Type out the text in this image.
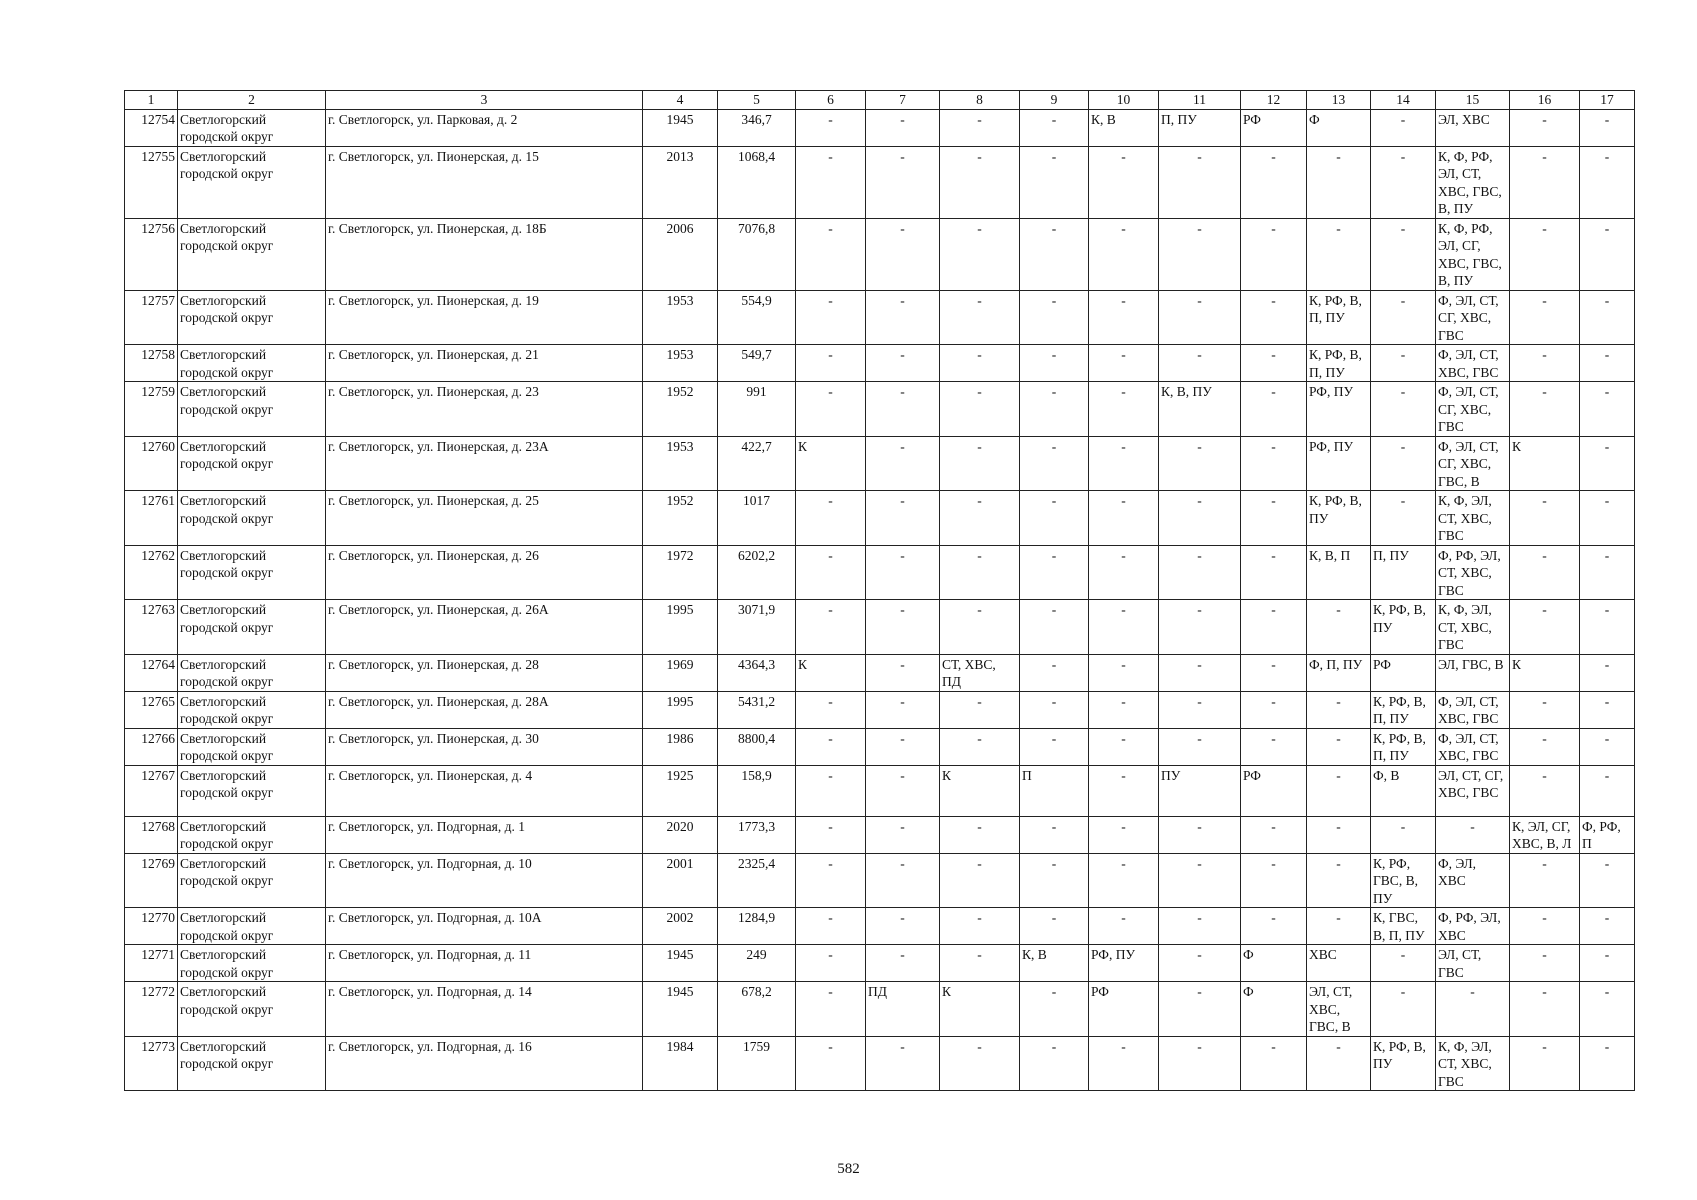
1	2	3	4	5	6	7	8	9	10	11	12	13	14	15	16	17
12754	Светлогорский городской округ	г. Светлогорск, ул. Парковая, д. 2	1945	346,7	-	-	-	-	К, В	П, ПУ	РФ	Ф	-	ЭЛ, ХВС	-	-
12755	Светлогорский городской округ	г. Светлогорск, ул. Пионерская, д. 15	2013	1068,4	-	-	-	-	-	-	-	-	-	К, Ф, РФ, ЭЛ, СТ, ХВС, ГВС, В, ПУ	-	-
12756	Светлогорский городской округ	г. Светлогорск, ул. Пионерская, д. 18Б	2006	7076,8	-	-	-	-	-	-	-	-	-	К, Ф, РФ, ЭЛ, СГ, ХВС, ГВС, В, ПУ	-	-
12757	Светлогорский городской округ	г. Светлогорск, ул. Пионерская, д. 19	1953	554,9	-	-	-	-	-	-	-	К, РФ, В, П, ПУ	-	Ф, ЭЛ, СТ, СГ, ХВС, ГВС	-	-
12758	Светлогорский городской округ	г. Светлогорск, ул. Пионерская, д. 21	1953	549,7	-	-	-	-	-	-	-	К, РФ, В, П, ПУ	-	Ф, ЭЛ, СТ, ХВС, ГВС	-	-
12759	Светлогорский городской округ	г. Светлогорск, ул. Пионерская, д. 23	1952	991	-	-	-	-	-	К, В, ПУ	-	РФ, ПУ	-	Ф, ЭЛ, СТ, СГ, ХВС, ГВС	-	-
12760	Светлогорский городской округ	г. Светлогорск, ул. Пионерская, д. 23А	1953	422,7	К	-	-	-	-	-	-	РФ, ПУ	-	Ф, ЭЛ, СТ, СГ, ХВС, ГВС, В	К	-
12761	Светлогорский городской округ	г. Светлогорск, ул. Пионерская, д. 25	1952	1017	-	-	-	-	-	-	-	К, РФ, В, ПУ	-	К, Ф, ЭЛ, СТ, ХВС, ГВС	-	-
12762	Светлогорский городской округ	г. Светлогорск, ул. Пионерская, д. 26	1972	6202,2	-	-	-	-	-	-	-	К, В, П	П, ПУ	Ф, РФ, ЭЛ, СТ, ХВС, ГВС	-	-
12763	Светлогорский городской округ	г. Светлогорск, ул. Пионерская, д. 26А	1995	3071,9	-	-	-	-	-	-	-	-	К, РФ, В, ПУ	К, Ф, ЭЛ, СТ, ХВС, ГВС	-	-
12764	Светлогорский городской округ	г. Светлогорск, ул. Пионерская, д. 28	1969	4364,3	К	-	СТ, ХВС, ПД	-	-	-	-	Ф, П, ПУ	РФ	ЭЛ, ГВС, В	К	-
12765	Светлогорский городской округ	г. Светлогорск, ул. Пионерская, д. 28А	1995	5431,2	-	-	-	-	-	-	-	-	К, РФ, В, П, ПУ	Ф, ЭЛ, СТ, ХВС, ГВС	-	-
12766	Светлогорский городской округ	г. Светлогорск, ул. Пионерская, д. 30	1986	8800,4	-	-	-	-	-	-	-	-	К, РФ, В, П, ПУ	Ф, ЭЛ, СТ, ХВС, ГВС	-	-
12767	Светлогорский городской округ	г. Светлогорск, ул. Пионерская, д. 4	1925	158,9	-	-	К	П	-	ПУ	РФ	-	Ф, В	ЭЛ, СТ, СГ, ХВС, ГВС	-	-
12768	Светлогорский городской округ	г. Светлогорск, ул. Подгорная, д. 1	2020	1773,3	-	-	-	-	-	-	-	-	-	-	К, ЭЛ, СГ, ХВС, В, Л	Ф, РФ, П
12769	Светлогорский городской округ	г. Светлогорск, ул. Подгорная, д. 10	2001	2325,4	-	-	-	-	-	-	-	-	К, РФ, ГВС, В, ПУ	Ф, ЭЛ, ХВС	-	-
12770	Светлогорский городской округ	г. Светлогорск, ул. Подгорная, д. 10А	2002	1284,9	-	-	-	-	-	-	-	-	К, ГВС, В, П, ПУ	Ф, РФ, ЭЛ, ХВС	-	-
12771	Светлогорский городской округ	г. Светлогорск, ул. Подгорная, д. 11	1945	249	-	-	-	К, В	РФ, ПУ	-	Ф	ХВС	-	ЭЛ, СТ, ГВС	-	-
12772	Светлогорский городской округ	г. Светлогорск, ул. Подгорная, д. 14	1945	678,2	-	ПД	К	-	РФ	-	Ф	ЭЛ, СТ, ХВС, ГВС, В	-	-	-	-
12773	Светлогорский городской округ	г. Светлогорск, ул. Подгорная, д. 16	1984	1759	-	-	-	-	-	-	-	-	К, РФ, В, ПУ	К, Ф, ЭЛ, СТ, ХВС, ГВС	-	-
582
